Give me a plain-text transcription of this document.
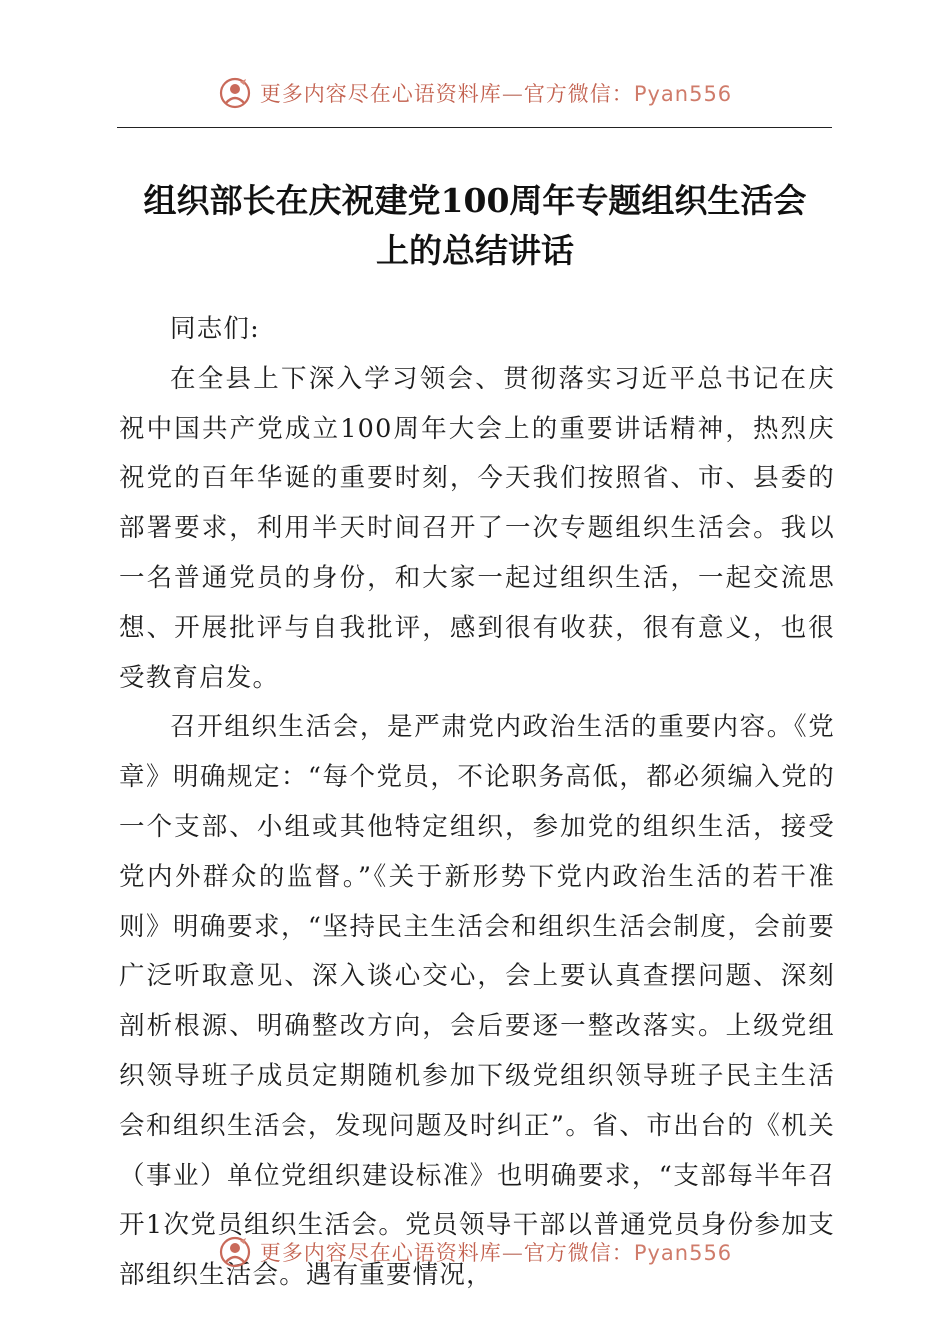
更多内容尽在心语资料库—官方微信：Pyan556
组织部长在庆祝建党100周年专题组织生活会
上的总结讲话

同志们:

在全县上下深入学习领会、贯彻落实习近平总书记在庆祝中国共产党成立100周年大会上的重要讲话精神，热烈庆祝党的百年华诞的重要时刻，今天我们按照省、市、县委的部署要求，利用半天时间召开了一次专题组织生活会。我以一名普通党员的身份，和大家一起过组织生活，一起交流思想、开展批评与自我批评，感到很有收获，很有意义，也很受教育启发。

召开组织生活会，是严肃党内政治生活的重要内容。《党章》明确规定：“每个党员，不论职务高低，都必须编入党的一个支部、小组或其他特定组织，参加党的组织生活，接受党内外群众的监督。”《关于新形势下党内政治生活的若干准则》明确要求，“坚持民主生活会和组织生活会制度，会前要广泛听取意见、深入谈心交心，会上要认真查摆问题、深刻剖析根源、明确整改方向，会后要逐一整改落实。上级党组织领导班子成员定期随机参加下级党组织领导班子民主生活会和组织生活会，发现问题及时纠正”。省、市出台的《机关（事业）单位党组织建设标准》也明确要求，“支部每半年召开1次党员组织生活会。党员领导干部以普通党员身份参加支部组织生活会。遇有重要情况，

更多内容尽在心语资料库—官方微信：Pyan556
